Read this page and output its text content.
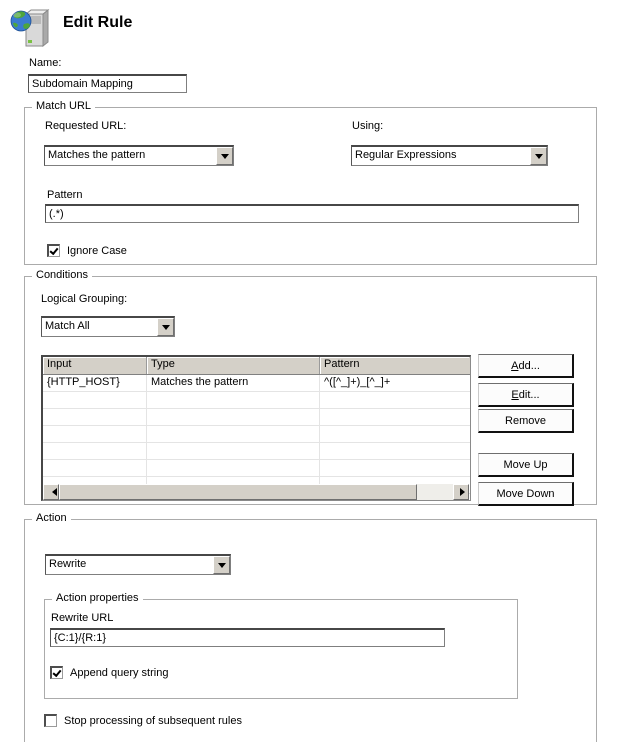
Edit Rule
Name:
Subdomain Mapping
Match URL
Requested URL:
Matches the pattern
Using:
Regular Expressions
Pattern
(.*)
Ignore Case
Conditions
Logical Grouping:
Match All
Input	Type	Pattern
{HTTP_HOST}	Matches the pattern	^([^_]+)_[^_]+
Add...
Edit...
Remove
Move Up
Move Down
Action
Rewrite
Action properties
Rewrite URL
{C:1}/{R:1}
Append query string
Stop processing of subsequent rules
